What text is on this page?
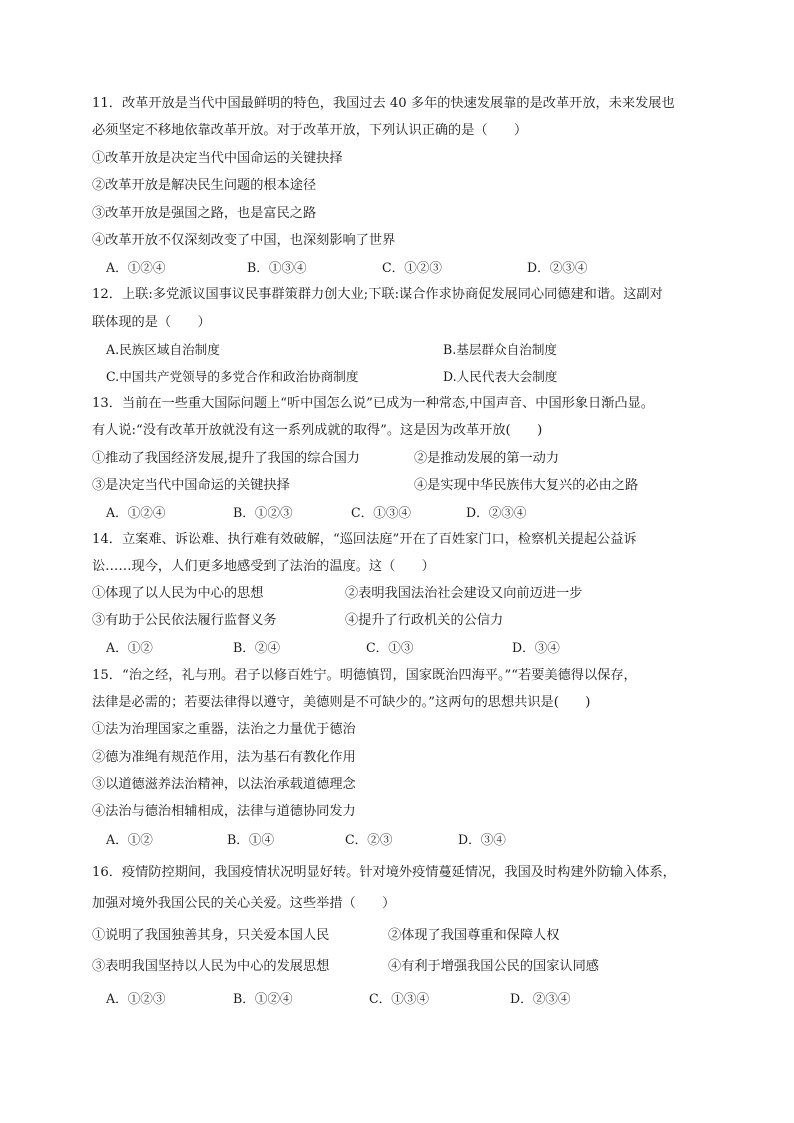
11．改革开放是当代中国最鲜明的特色，我国过去 40 多年的快速发展靠的是改革开放，未来发展也
必须坚定不移地依靠改革开放。对于改革开放，下列认识正确的是（　　）
①改革开放是决定当代中国命运的关键抉择
②改革开放是解决民生问题的根本途径
③改革开放是强国之路，也是富民之路
④改革开放不仅深刻改变了中国，也深刻影响了世界
A．①②④	B．①③④	C．①②③	D．②③④
12．上联:多党派议国事议民事群策群力创大业;下联:谋合作求协商促发展同心同德建和谐。这副对
联体现的是（　　）
A.民族区域自治制度	B.基层群众自治制度
C.中国共产党领导的多党合作和政治协商制度	D.人民代表大会制度
13．当前在一些重大国际问题上“听中国怎么说”已成为一种常态,中国声音、中国形象日渐凸显。
有人说:“没有改革开放就没有这一系列成就的取得”。这是因为改革开放(　　)
①推动了我国经济发展,提升了我国的综合国力	②是推动发展的第一动力
③是决定当代中国命运的关键抉择	④是实现中华民族伟大复兴的必由之路
A．①②④	B．①②③	C．①③④	D．②③④
14．立案难、诉讼难、执行难有效破解，“巡回法庭”开在了百姓家门口，检察机关提起公益诉
讼……现今，人们更多地感受到了法治的温度。这（　　）
①体现了以人民为中心的思想	②表明我国法治社会建设又向前迈进一步
③有助于公民依法履行监督义务	④提升了行政机关的公信力
A．①②	B．②④	C．①③	D．③④
15．“治之经，礼与刑。君子以修百姓宁。明德慎罚，国家既治四海平。”“若要美德得以保存，
法律是必需的；若要法律得以遵守，美德则是不可缺少的。”这两句的思想共识是(　　)
①法为治理国家之重器，法治之力量优于德治
②德为准绳有规范作用，法为基石有教化作用
③以道德滋养法治精神，以法治承载道德理念
④法治与德治相辅相成，法律与道德协同发力
A．①②	B．①④	C．②③	D．③④
16．疫情防控期间，我国疫情状况明显好转。针对境外疫情蔓延情况，我国及时构建外防输入体系，
加强对境外我国公民的关心关爱。这些举措（　　）
①说明了我国独善其身，只关爱本国人民	②体现了我国尊重和保障人权
③表明我国坚持以人民为中心的发展思想	④有利于增强我国公民的国家认同感
A．①②③	B．①②④	C．①③④	D．②③④
